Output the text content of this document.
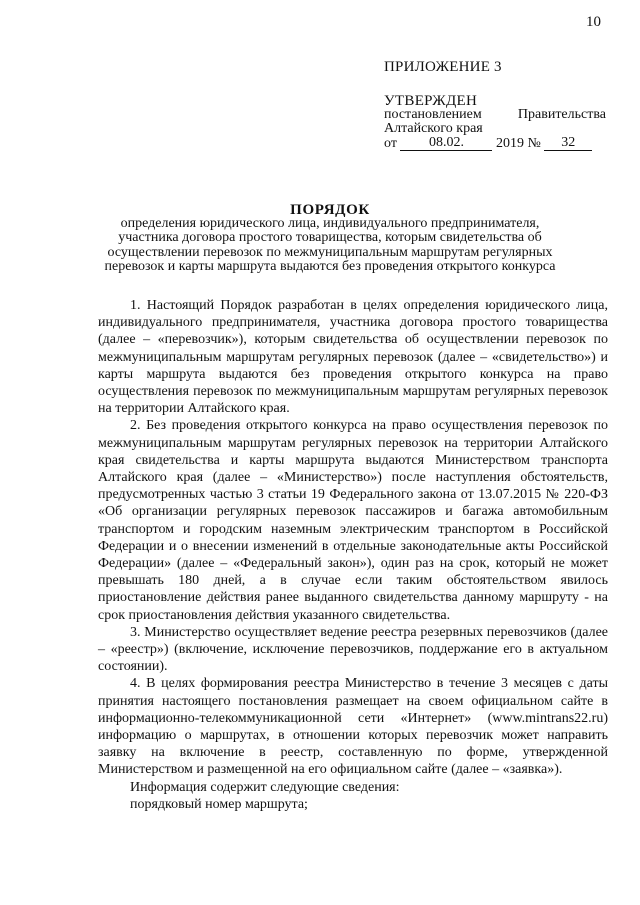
10
ПРИЛОЖЕНИЕ 3
УТВЕРЖДЕН
постановлением	Правительства
Алтайского края
от 08.02. 2019 № 32
ПОРЯДОК
определения юридического лица, индивидуального предпринимателя, участника договора простого товарищества, которым свидетельства об осуществлении перевозок по межмуниципальным маршрутам регулярных перевозок и карты маршрута выдаются без проведения открытого конкурса

1. Настоящий Порядок разработан в целях определения юридического лица, индивидуального предпринимателя, участника договора простого товарищества (далее – «перевозчик»), которым свидетельства об осуществлении перевозок по межмуниципальным маршрутам регулярных перевозок (далее – «свидетельство») и карты маршрута выдаются без проведения открытого конкурса на право осуществления перевозок по межмуниципальным маршрутам регулярных перевозок на территории Алтайского края.

2. Без проведения открытого конкурса на право осуществления перевозок по межмуниципальным маршрутам регулярных перевозок на территории Алтайского края свидетельства и карты маршрута выдаются Министерством транспорта Алтайского края (далее – «Министерство») после наступления обстоятельств, предусмотренных частью 3 статьи 19 Федерального закона от 13.07.2015 № 220-ФЗ «Об организации регулярных перевозок пассажиров и багажа автомобильным транспортом и городским наземным электрическим транспортом в Российской Федерации и о внесении изменений в отдельные законодательные акты Российской Федерации» (далее – «Федеральный закон»), один раз на срок, который не может превышать 180 дней, а в случае если таким обстоятельством явилось приостановление действия ранее выданного свидетельства данному маршруту - на срок приостановления действия указанного свидетельства.

3. Министерство осуществляет ведение реестра резервных перевозчиков (далее – «реестр») (включение, исключение перевозчиков, поддержание его в актуальном состоянии).

4. В целях формирования реестра Министерство в течение 3 месяцев с даты принятия настоящего постановления размещает на своем официальном сайте в информационно-телекоммуникационной сети «Интернет» (www.mintrans22.ru) информацию о маршрутах, в отношении которых перевозчик может направить заявку на включение в реестр, составленную по форме, утвержденной Министерством и размещенной на его официальном сайте (далее – «заявка»).

Информация содержит следующие сведения:

порядковый номер маршрута;
